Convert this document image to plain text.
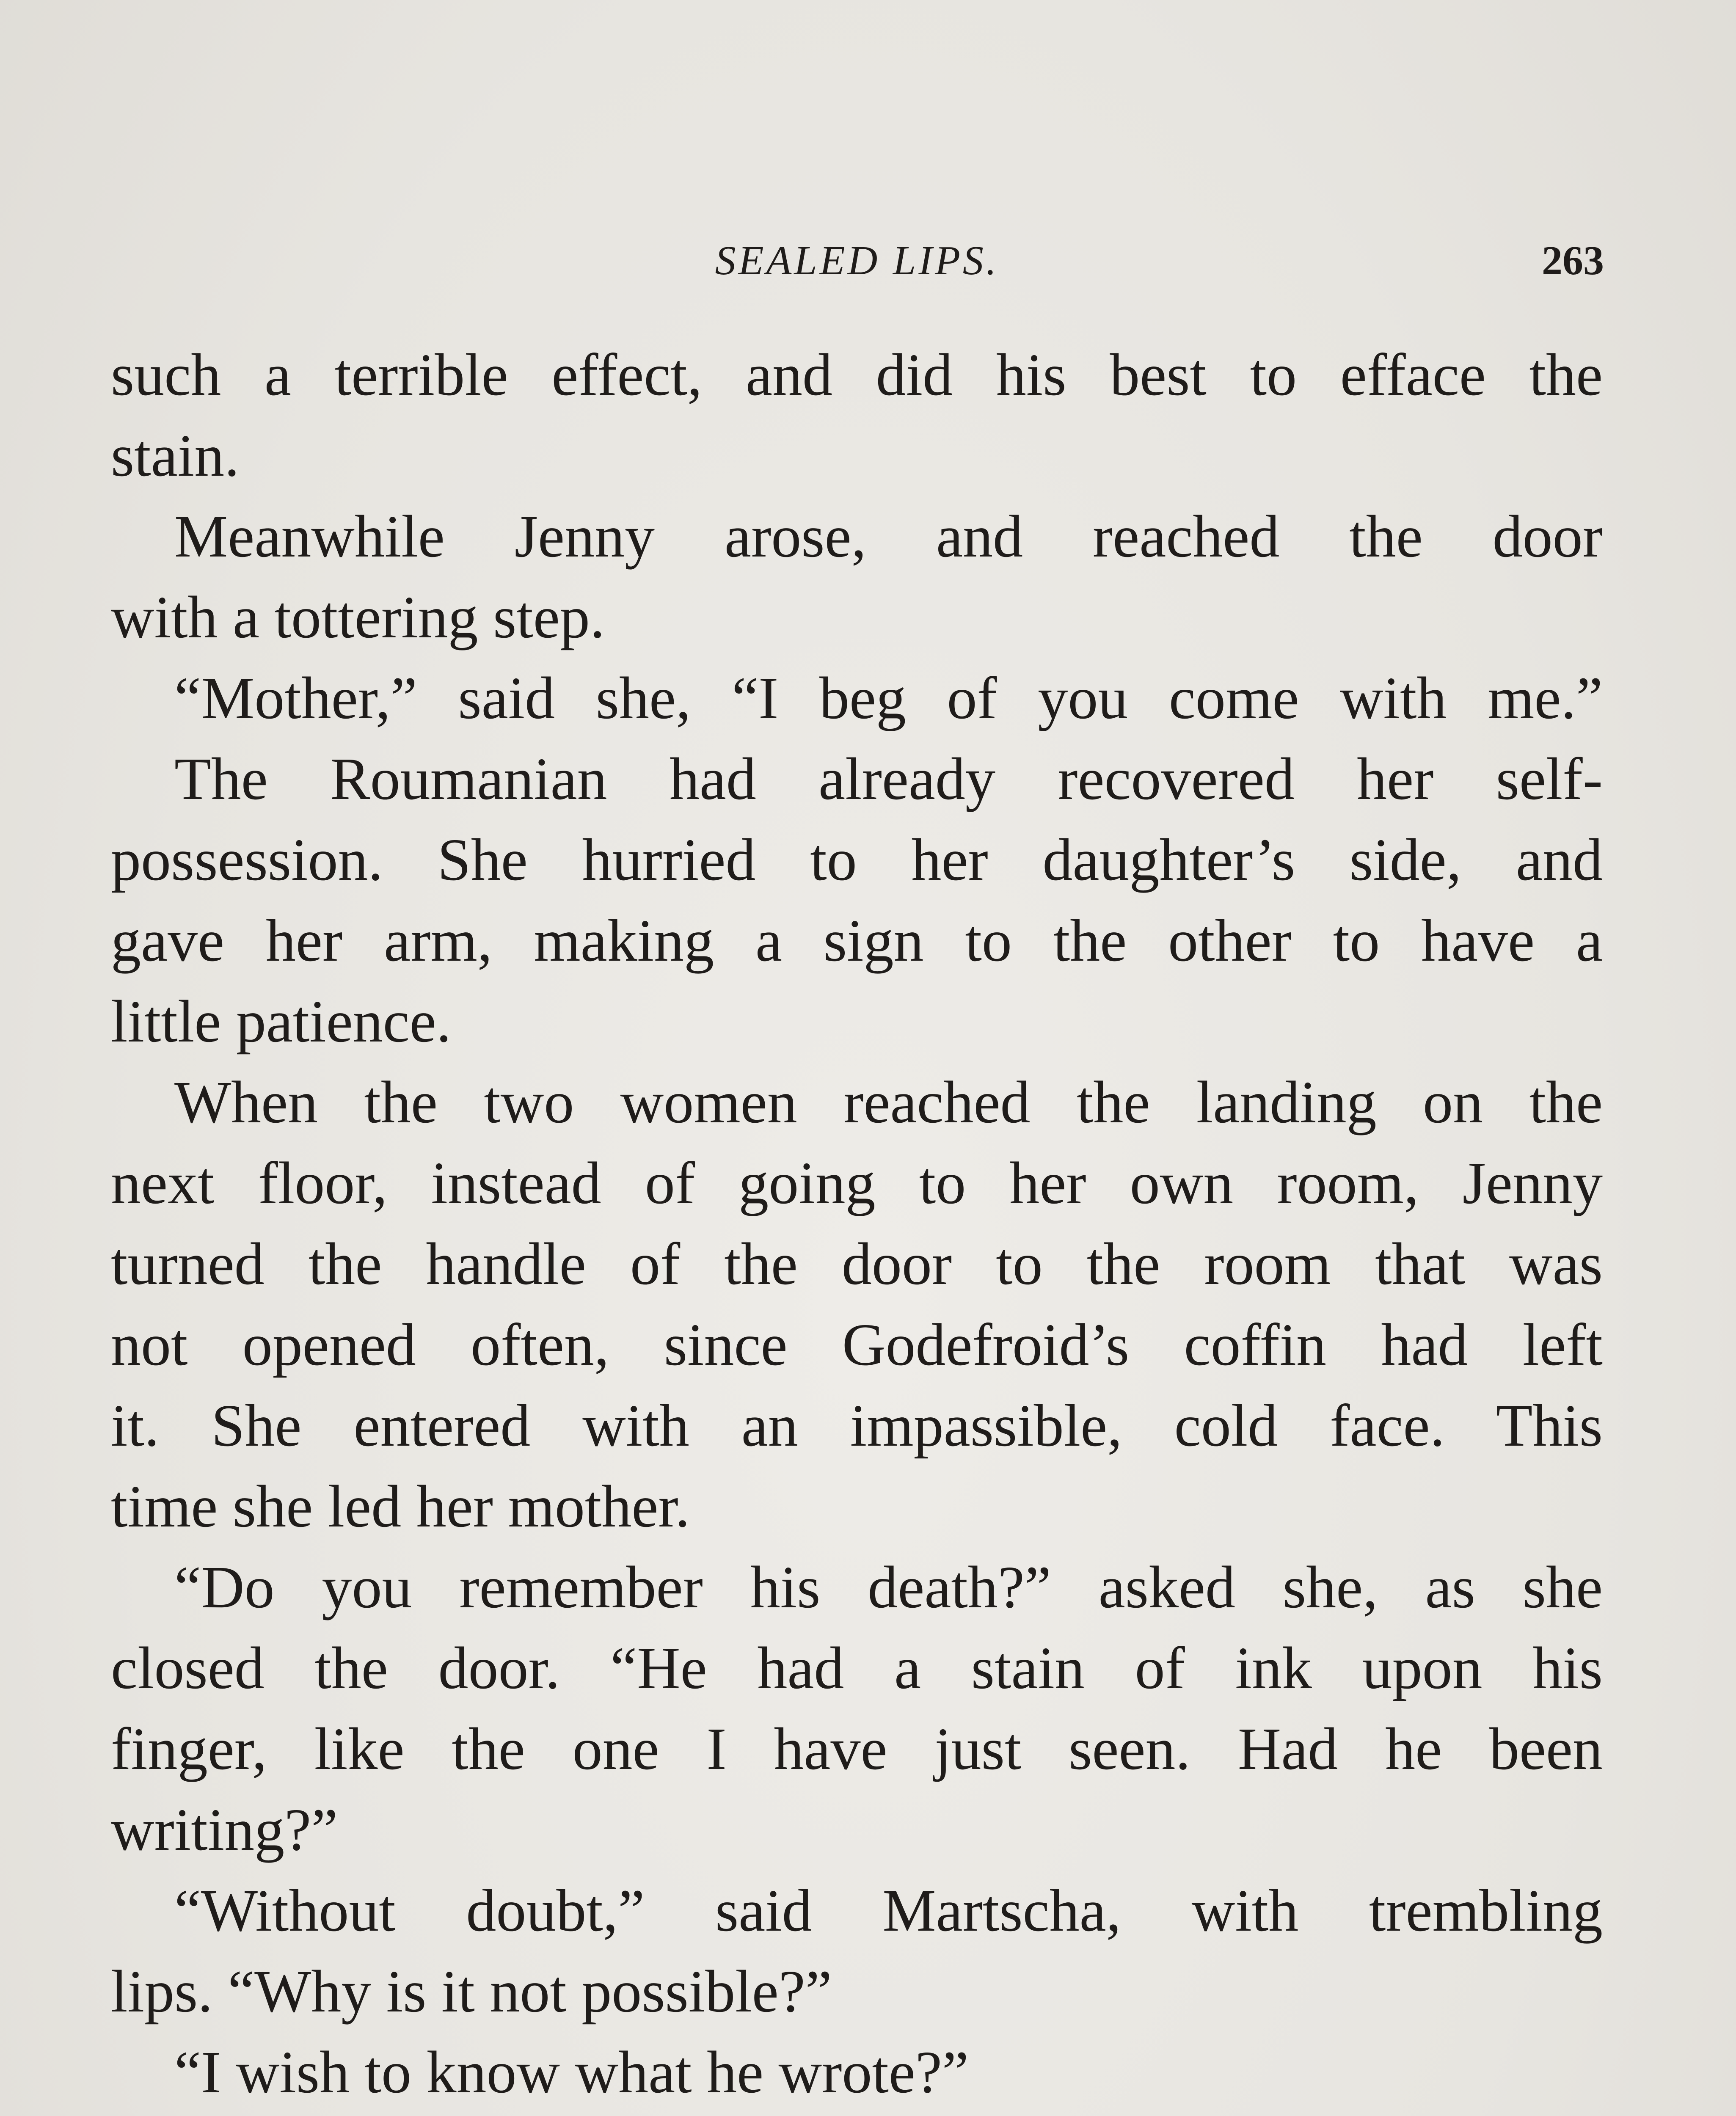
SEALED LIPS.	263
such a terrible effect, and did his best to efface the
stain.
Meanwhile Jenny arose, and reached the door
with a tottering step.
“Mother,” said she, “I beg of you come with me.”
The Roumanian had already recovered her self-
possession. She hurried to her daughter’s side, and
gave her arm, making a sign to the other to have a
little patience.
When the two women reached the landing on the
next floor, instead of going to her own room, Jenny
turned the handle of the door to the room that was
not opened often, since Godefroid’s coffin had left
it. She entered with an impassible, cold face. This
time she led her mother.
“Do you remember his death?” asked she, as she
closed the door. “He had a stain of ink upon his
finger, like the one I have just seen. Had he been
writing?”
“Without doubt,” said Martscha, with trembling
lips. “Why is it not possible?”
“I wish to know what he wrote?”
